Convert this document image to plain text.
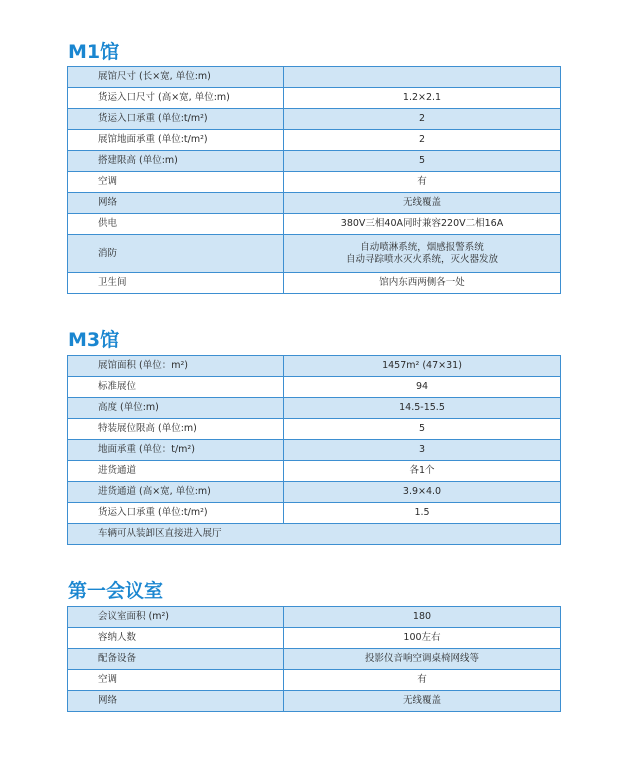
M1馆
展馆尺寸 (长×宽, 单位:m)	
货运入口尺寸 (高×宽, 单位:m)	1.2×2.1
货运入口承重 (单位:t/m²)	2
展馆地面承重 (单位:t/m²)	2
搭建限高 (单位:m)	5
空调	有
网络	无线覆盖
供电	380V三相40A同时兼容220V二相16A
消防	自动喷淋系统，烟感报警系统
自动寻踪喷水灭火系统，灭火器发放

卫生间	馆内东西两侧各一处
M3馆
展馆面积 (单位：m²)	1457m² (47×31)
标准展位	94
高度 (单位:m)	14.5-15.5
特装展位限高 (单位:m)	5
地面承重 (单位：t/m²)	3
进货通道	各1个
进货通道 (高×宽, 单位:m)	3.9×4.0
货运入口承重 (单位:t/m²)	1.5
车辆可从装卸区直接进入展厅	
第一会议室
会议室面积 (m²)	180
容纳人数	100左右
配备设备	投影仪音响空调桌椅网线等
空调	有
网络	无线覆盖
